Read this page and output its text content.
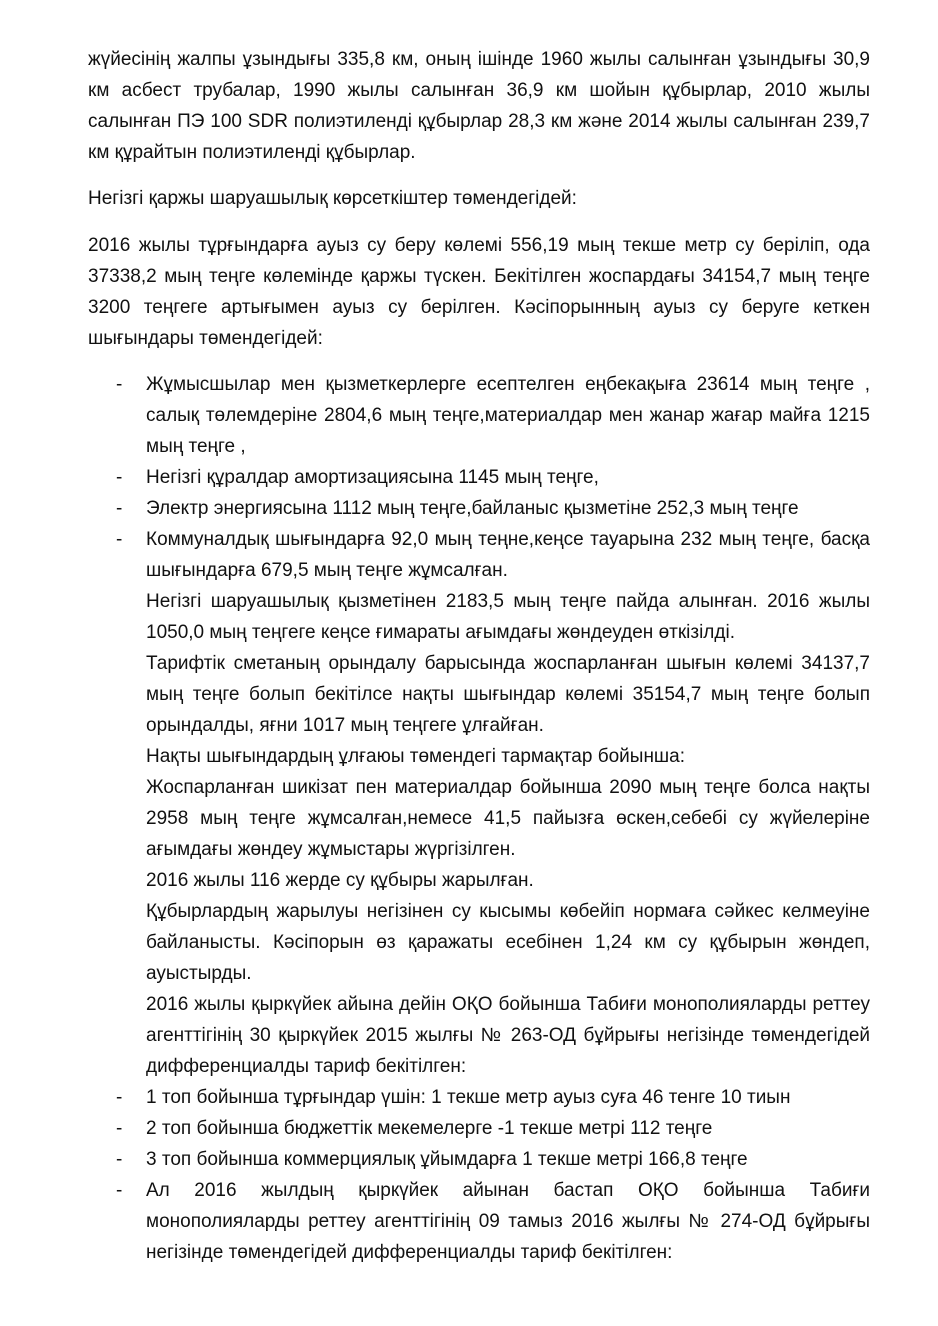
жүйесінің жалпы ұзындығы 335,8 км, оның ішінде 1960 жылы салынған ұзындығы 30,9 км асбест трубалар, 1990 жылы салынған 36,9 км шойын құбырлар, 2010 жылы салынған ПЭ 100 SDR полиэтиленді құбырлар 28,3 км және 2014 жылы салынған 239,7 км құрайтын полиэтиленді құбырлар.

Негізгі қаржы шаруашылық көрсеткіштер төмендегідей:

2016 жылы тұрғындарға ауыз су беру көлемі 556,19 мың текше метр су беріліп, ода 37338,2 мың теңге көлемінде қаржы түскен. Бекітілген жоспардағы 34154,7 мың теңге 3200 теңгеге артығымен ауыз су берілген. Кәсіпорынның ауыз су беруге кеткен шығындары төмендегідей:

-	Жұмысшылар мен қызметкерлерге есептелген еңбекақыға 23614 мың теңге , салық төлемдеріне 2804,6 мың теңге,материалдар мен жанар жағар майға 1215 мың теңге ,
-	Негізгі құралдар амортизациясына 1145 мың теңге,
-	Электр энергиясына 1112 мың теңге,байланыс қызметіне 252,3 мың теңге
-	Коммуналдық шығындарға 92,0 мың теңне,кеңсе тауарына 232 мың теңге, басқа шығындарға 679,5 мың теңге жұмсалған.
Негізгі шаруашылық қызметінен 2183,5 мың теңге пайда алынған. 2016 жылы 1050,0 мың теңгеге кеңсе ғимараты ағымдағы жөндеуден өткізілді.
Тарифтік сметаның орындалу барысында жоспарланған шығын көлемі 34137,7 мың теңге болып бекітілсе нақты шығындар көлемі 35154,7 мың теңге болып орындалды, яғни 1017 мың теңгеге ұлғайған.
Нақты шығындардың ұлғаюы төмендегі тармақтар бойынша:
Жоспарланған шикізат пен материалдар бойынша 2090 мың теңге болса нақты 2958 мың теңге жұмсалған,немесе 41,5 пайызға өскен,себебі су жүйелеріне ағымдағы жөндеу жұмыстары жүргізілген.
2016 жылы 116 жерде су құбыры жарылған.
Құбырлардың жарылуы негізінен су кысымы көбейіп нормаға сәйкес келмеуіне байланысты. Кәсіпорын өз қаражаты есебінен 1,24 км су құбырын жөндеп, ауыстырды.
2016 жылы қыркүйек айына дейін ОҚО бойынша Табиғи монополияларды реттеу агенттігінің 30 қыркүйек 2015 жылғы № 263-ОД бұйрығы негізінде төмендегідей дифференциалды тариф бекітілген:
-	1 топ бойынша тұрғындар үшін: 1 текше метр ауыз суға 46 тенге 10 тиын
-	2 топ бойынша бюджеттік мекемелерге -1 текше метрі 112 теңге
-	3 топ бойынша коммерциялық ұйымдарға 1 текше метрі 166,8 теңге
-	Ал 2016 жылдың қыркүйек айынан бастап ОҚО бойынша Табиғи монополияларды реттеу агенттігінің 09 тамыз 2016 жылғы № 274-ОД бұйрығы негізінде төмендегідей дифференциалды тариф бекітілген:
